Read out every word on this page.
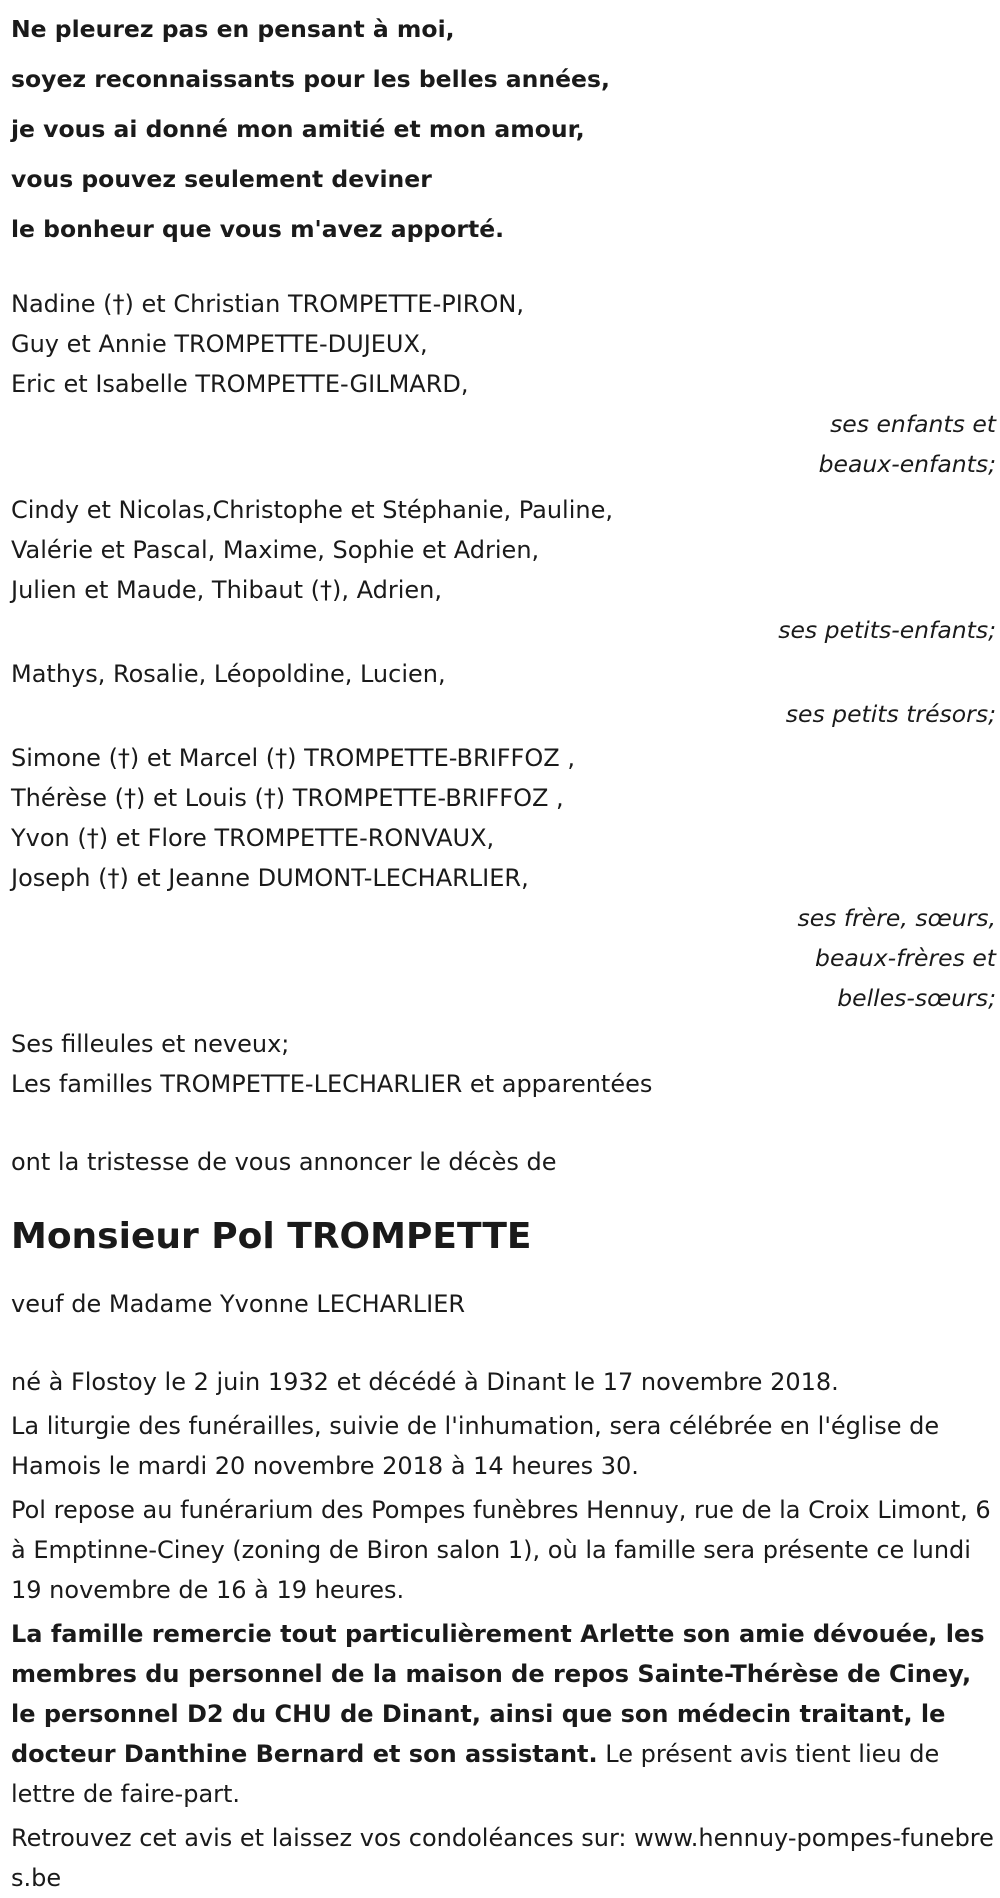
Ne pleurez pas en pensant à moi,
soyez reconnaissants pour les belles années,
je vous ai donné mon amitié et mon amour,
vous pouvez seulement deviner
le bonheur que vous m'avez apporté.
Nadine (†) et Christian TROMPETTE-PIRON,
Guy et Annie TROMPETTE-DUJEUX,
Eric et Isabelle TROMPETTE-GILMARD,
ses enfants et
beaux-enfants;
Cindy et Nicolas,Christophe et Stéphanie, Pauline,
Valérie et Pascal, Maxime, Sophie et Adrien,
Julien et Maude, Thibaut (†), Adrien,
ses petits-enfants;
Mathys, Rosalie, Léopoldine, Lucien,
ses petits trésors;
Simone (†) et Marcel (†) TROMPETTE-BRIFFOZ ,
Thérèse (†) et Louis (†) TROMPETTE-BRIFFOZ ,
Yvon (†) et Flore TROMPETTE-RONVAUX,
Joseph (†) et Jeanne DUMONT-LECHARLIER,
ses frère, sœurs,
beaux-frères et
belles-sœurs;
Ses filleules et neveux;
Les familles TROMPETTE-LECHARLIER et apparentées
ont la tristesse de vous annoncer le décès de
Monsieur Pol TROMPETTE
veuf de Madame Yvonne LECHARLIER
né à Flostoy le 2 juin 1932 et décédé à Dinant le 17 novembre 2018.
La liturgie des funérailles, suivie de l'inhumation, sera célébrée en l'église de Hamois le mardi 20 novembre 2018 à 14 heures 30.
Pol repose au funérarium des Pompes funèbres Hennuy, rue de la Croix Limont, 6 à Emptinne-Ciney (zoning de Biron salon 1), où la famille sera présente ce lundi 19 novembre de 16 à 19 heures.
La famille remercie tout particulièrement Arlette son amie dévouée, les membres du personnel de la maison de repos Sainte-Thérèse de Ciney, le personnel D2 du CHU de Dinant, ainsi que son médecin traitant, le docteur Danthine Bernard et son assistant. Le présent avis tient lieu de lettre de faire-part.
Retrouvez cet avis et laissez vos condoléances sur: www.hennuy-pompes-funebres.be
